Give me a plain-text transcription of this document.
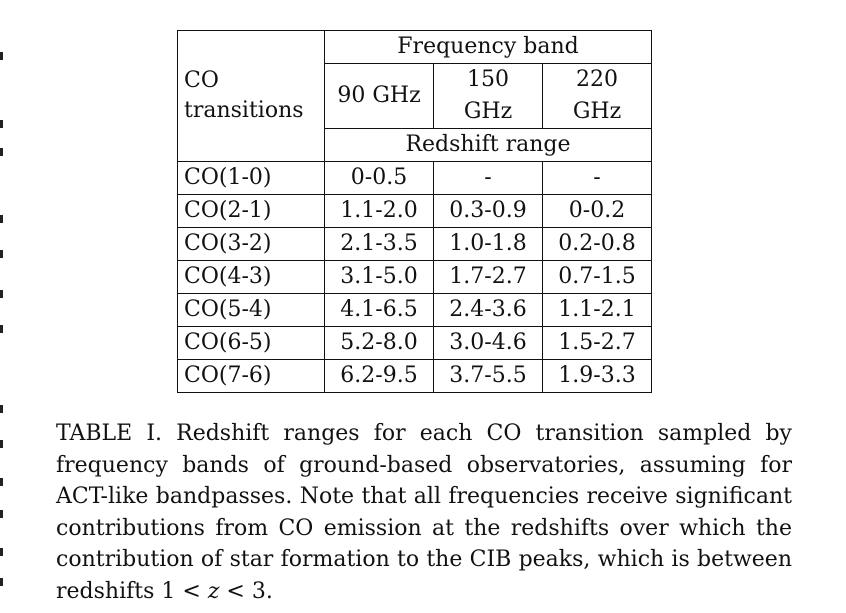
CO transitions	Frequency band		
	90 GHz	150 GHz	220 GHz
	Redshift range		
CO(1-0)	0-0.5	-	-
CO(2-1)	1.1-2.0	0.3-0.9	0-0.2
CO(3-2)	2.1-3.5	1.0-1.8	0.2-0.8
CO(4-3)	3.1-5.0	1.7-2.7	0.7-1.5
CO(5-4)	4.1-6.5	2.4-3.6	1.1-2.1
CO(6-5)	5.2-8.0	3.0-4.6	1.5-2.7
CO(7-6)	6.2-9.5	3.7-5.5	1.9-3.3

TABLE I. Redshift ranges for each CO transition sampled by frequency bands of ground-based observatories, assuming for ACT-like bandpasses. Note that all frequencies receive significant contributions from CO emission at the redshifts over which the contribution of star formation to the CIB peaks, which is between redshifts 1 < z < 3.
